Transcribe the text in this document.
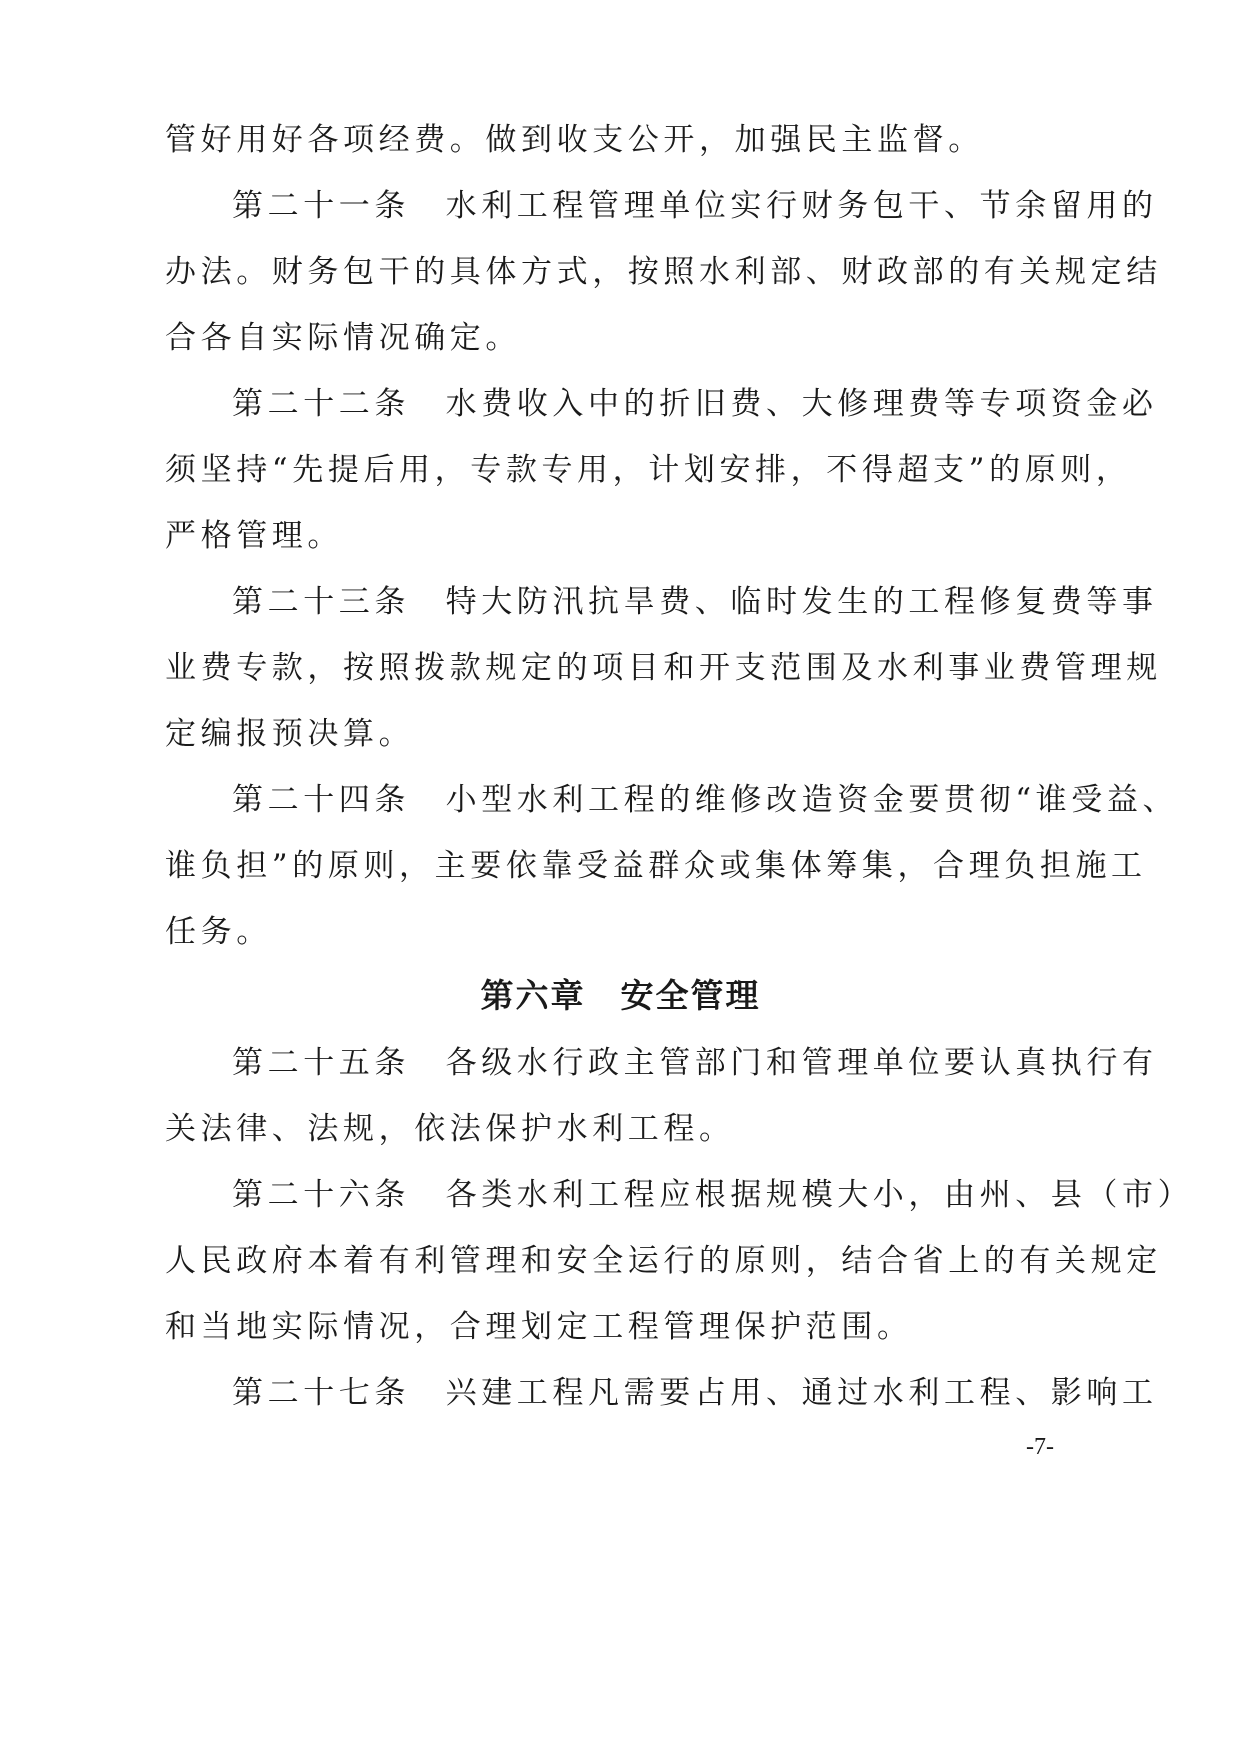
管好用好各项经费。做到收支公开，加强民主监督。
第二十一条　水利工程管理单位实行财务包干、节余留用的
办法。财务包干的具体方式，按照水利部、财政部的有关规定结
合各自实际情况确定。
第二十二条　水费收入中的折旧费、大修理费等专项资金必
须坚持“先提后用，专款专用，计划安排，不得超支”的原则，
严格管理。
第二十三条　特大防汛抗旱费、临时发生的工程修复费等事
业费专款，按照拨款规定的项目和开支范围及水利事业费管理规
定编报预决算。
第二十四条　小型水利工程的维修改造资金要贯彻“谁受益、
谁负担”的原则，主要依靠受益群众或集体筹集，合理负担施工
任务。
第六章　安全管理
第二十五条　各级水行政主管部门和管理单位要认真执行有
关法律、法规，依法保护水利工程。
第二十六条　各类水利工程应根据规模大小，由州、县（市）
人民政府本着有利管理和安全运行的原则，结合省上的有关规定
和当地实际情况，合理划定工程管理保护范围。
第二十七条　兴建工程凡需要占用、通过水利工程、影响工
-7-
